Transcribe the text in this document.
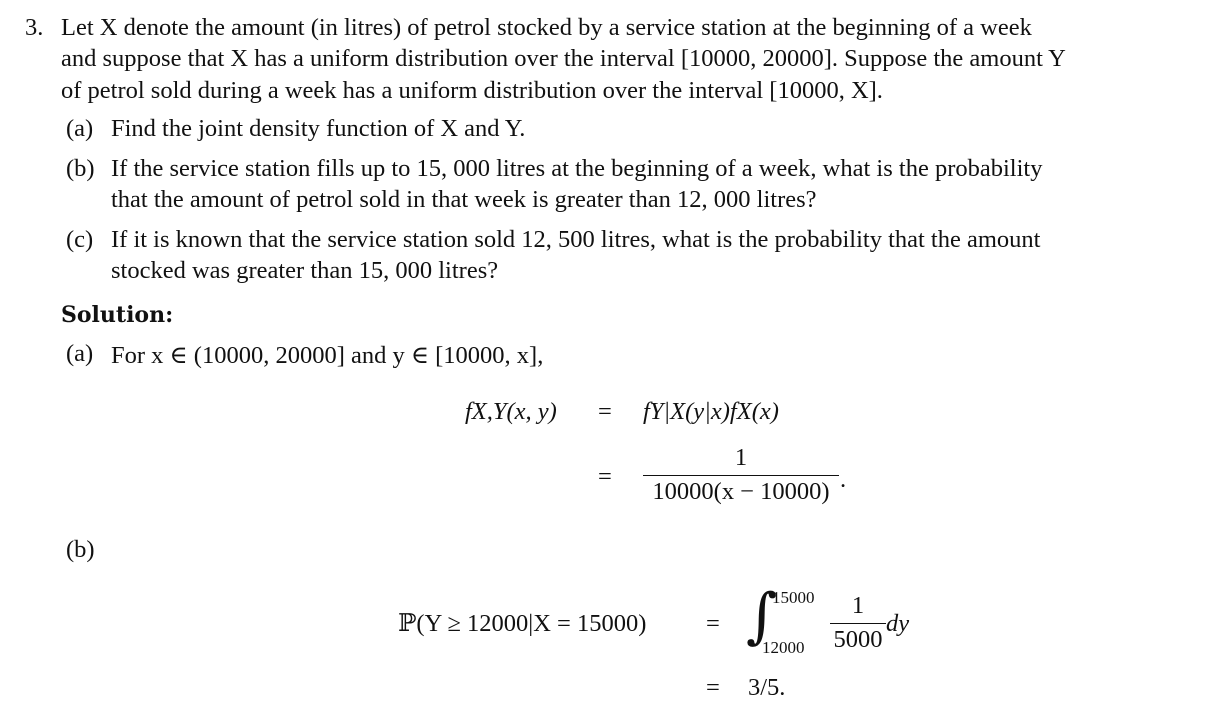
3. Let X denote the amount (in litres) of petrol stocked by a service station at the beginning of a week
and suppose that X has a uniform distribution over the interval [10000, 20000]. Suppose the amount Y
of petrol sold during a week has a uniform distribution over the interval [10000, X].
(a) Find the joint density function of X and Y.
(b) If the service station fills up to 15, 000 litres at the beginning of a week, what is the probability
that the amount of petrol sold in that week is greater than 12, 000 litres?
(c) If it is known that the service station sold 12, 500 litres, what is the probability that the amount
stocked was greater than 15, 000 litres?
Solution:
(a) For x ∈ (10000, 20000] and y ∈ [10000, x],
fX,Y(x, y) = fY|X(y|x)fX(x)
=
1
10000(x − 10000) .
(b)
ℙ(Y ≥ 12000|X = 15000) = ∫
15000
12000
1
5000
dy
= 3/5.
